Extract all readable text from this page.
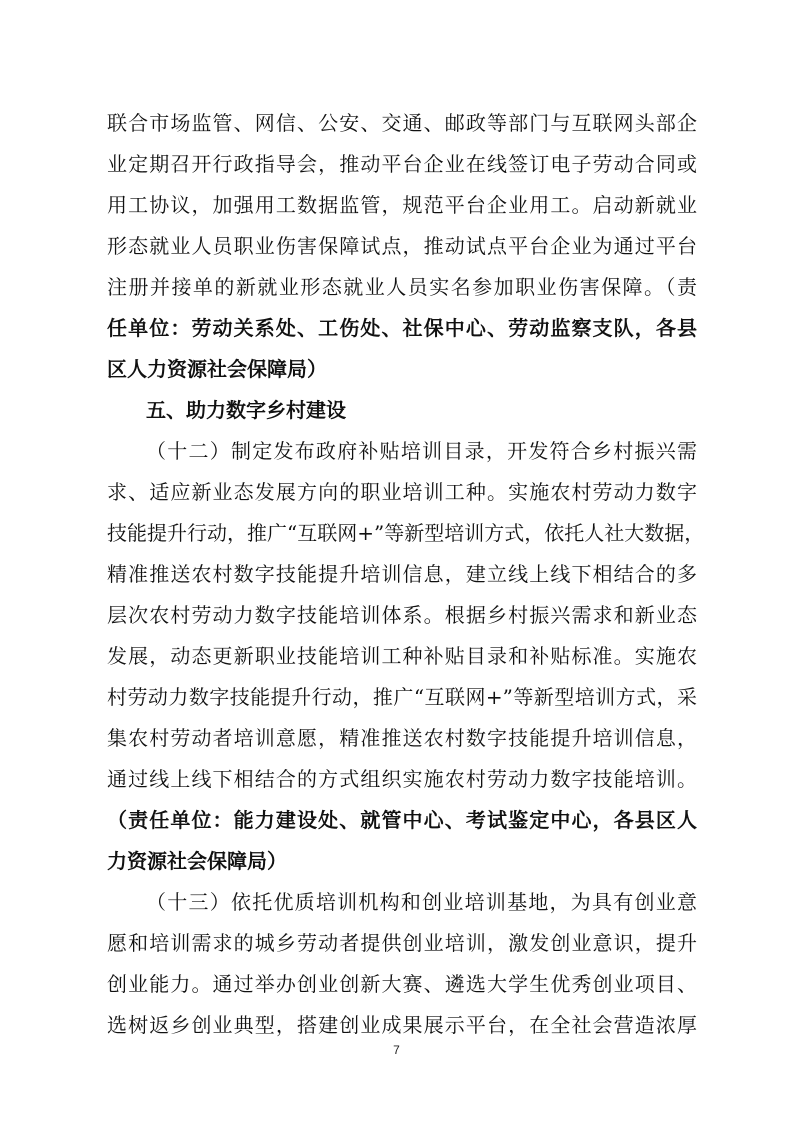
联合市场监管、网信、公安、交通、邮政等部门与互联网头部企
业定期召开行政指导会，推动平台企业在线签订电子劳动合同或
用工协议，加强用工数据监管，规范平台企业用工。启动新就业
形态就业人员职业伤害保障试点，推动试点平台企业为通过平台
注册并接单的新就业形态就业人员实名参加职业伤害保障。（责
任单位：劳动关系处、工伤处、社保中心、劳动监察支队，各县
区人力资源社会保障局）
五、助力数字乡村建设
（十二）制定发布政府补贴培训目录，开发符合乡村振兴需
求、适应新业态发展方向的职业培训工种。实施农村劳动力数字
技能提升行动，推广“互联网+”等新型培训方式，依托人社大数据，
精准推送农村数字技能提升培训信息，建立线上线下相结合的多
层次农村劳动力数字技能培训体系。根据乡村振兴需求和新业态
发展，动态更新职业技能培训工种补贴目录和补贴标准。实施农
村劳动力数字技能提升行动，推广“互联网+”等新型培训方式，采
集农村劳动者培训意愿，精准推送农村数字技能提升培训信息，
通过线上线下相结合的方式组织实施农村劳动力数字技能培训。
（责任单位：能力建设处、就管中心、考试鉴定中心，各县区人
力资源社会保障局）
（十三）依托优质培训机构和创业培训基地，为具有创业意
愿和培训需求的城乡劳动者提供创业培训，激发创业意识，提升
创业能力。通过举办创业创新大赛、遴选大学生优秀创业项目、
选树返乡创业典型，搭建创业成果展示平台，在全社会营造浓厚
7
